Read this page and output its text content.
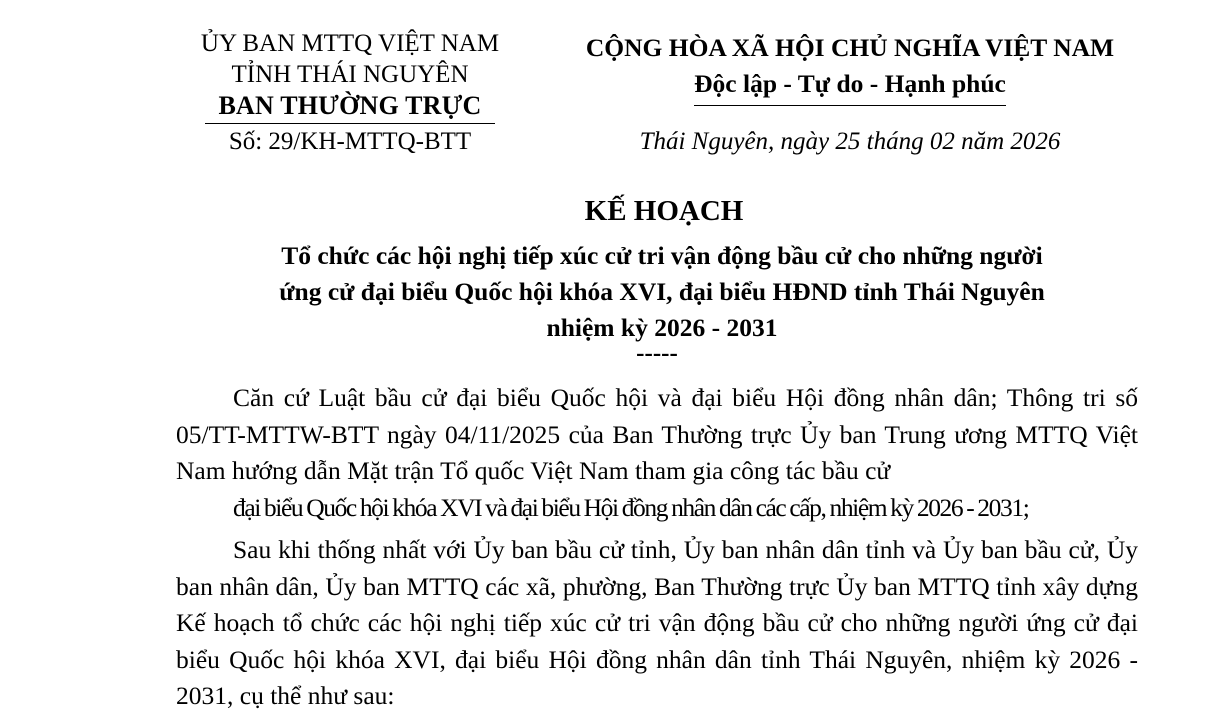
ỦY BAN MTTQ VIỆT NAM
TỈNH THÁI NGUYÊN
BAN THƯỜNG TRỰC
Số: 29/KH-MTTQ-BTT
CỘNG HÒA XÃ HỘI CHỦ NGHĨA VIỆT NAM
Độc lập - Tự do - Hạnh phúc
Thái Nguyên, ngày 25 tháng 02 năm 2026
KẾ HOẠCH
Tổ chức các hội nghị tiếp xúc cử tri vận động bầu cử cho những người
ứng cử đại biểu Quốc hội khóa XVI, đại biểu HĐND tỉnh Thái Nguyên
nhiệm kỳ 2026 - 2031
-----

Căn cứ Luật bầu cử đại biểu Quốc hội và đại biểu Hội đồng nhân dân; Thông tri số 05/TT-MTTW-BTT ngày 04/11/2025 của Ban Thường trực Ủy ban Trung ương MTTQ Việt Nam hướng dẫn Mặt trận Tổ quốc Việt Nam tham gia công tác bầu cử
đại biểu Quốc hội khóa XVI và đại biểu Hội đồng nhân dân các cấp, nhiệm kỳ 2026 - 2031;

Sau khi thống nhất với Ủy ban bầu cử tỉnh, Ủy ban nhân dân tỉnh và Ủy ban bầu cử, Ủy ban nhân dân, Ủy ban MTTQ các xã, phường, Ban Thường trực Ủy ban MTTQ tỉnh xây dựng Kế hoạch tổ chức các hội nghị tiếp xúc cử tri vận động bầu cử cho những người ứng cử đại biểu Quốc hội khóa XVI, đại biểu Hội đồng nhân dân tỉnh Thái Nguyên, nhiệm kỳ 2026 - 2031, cụ thể như sau:
